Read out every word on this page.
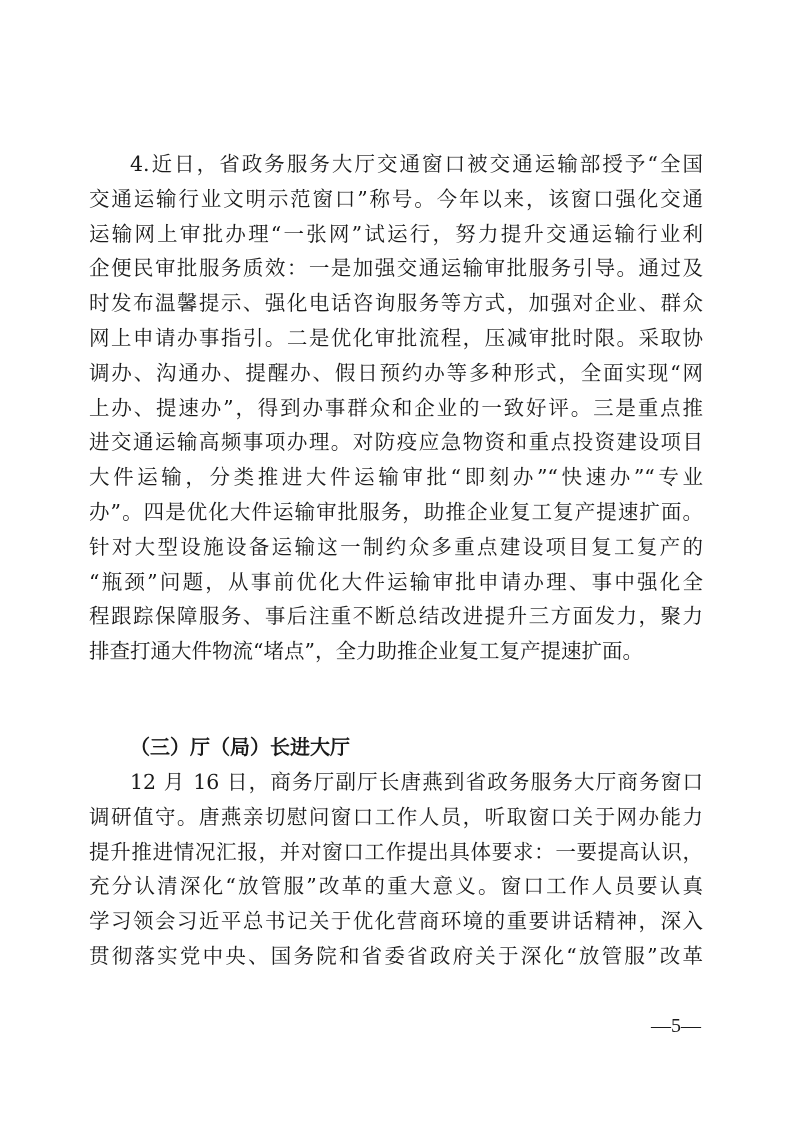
4.近日，省政务服务大厅交通窗口被交通运输部授予“全国
交通运输行业文明示范窗口”称号。今年以来，该窗口强化交通
运输网上审批办理“一张网”试运行，努力提升交通运输行业利
企便民审批服务质效：一是加强交通运输审批服务引导。通过及
时发布温馨提示、强化电话咨询服务等方式，加强对企业、群众
网上申请办事指引。二是优化审批流程，压减审批时限。采取协
调办、沟通办、提醒办、假日预约办等多种形式，全面实现“网
上办、提速办”，得到办事群众和企业的一致好评。三是重点推
进交通运输高频事项办理。对防疫应急物资和重点投资建设项目
大件运输，分类推进大件运输审批“即刻办”“快速办”“专业
办”。四是优化大件运输审批服务，助推企业复工复产提速扩面。
针对大型设施设备运输这一制约众多重点建设项目复工复产的
“瓶颈”问题，从事前优化大件运输审批申请办理、事中强化全
程跟踪保障服务、事后注重不断总结改进提升三方面发力，聚力
排查打通大件物流“堵点”，全力助推企业复工复产提速扩面。
（三）厅（局）长进大厅
12 月 16 日，商务厅副厅长唐燕到省政务服务大厅商务窗口
调研值守。唐燕亲切慰问窗口工作人员，听取窗口关于网办能力
提升推进情况汇报，并对窗口工作提出具体要求：一要提高认识，
充分认清深化“放管服”改革的重大意义。窗口工作人员要认真
学习领会习近平总书记关于优化营商环境的重要讲话精神，深入
贯彻落实党中央、国务院和省委省政府关于深化“放管服”改革
—5—
